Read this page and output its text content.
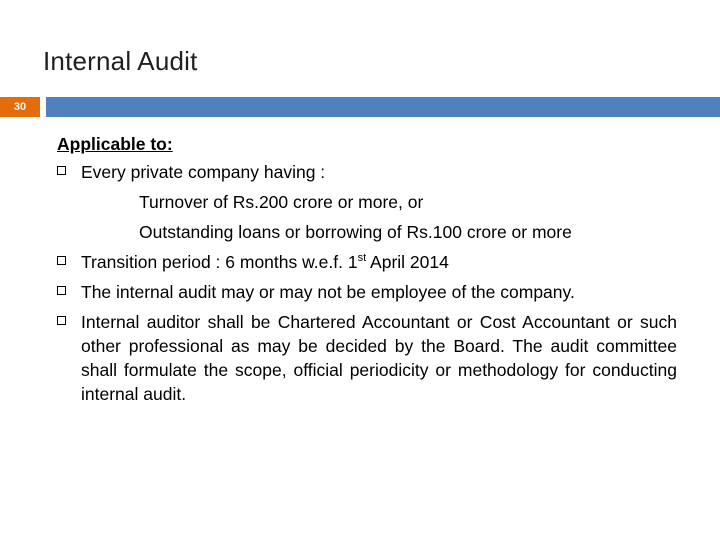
Internal Audit
30
Applicable to:
Every private company having :
Turnover of Rs.200 crore or more, or
Outstanding loans or borrowing of Rs.100 crore or more
Transition period : 6 months w.e.f. 1st April 2014
The internal audit may or may not be employee of the company.
Internal auditor shall be Chartered Accountant or Cost Accountant or such other professional as may be decided by the Board. The audit committee shall formulate the scope, official periodicity or methodology for conducting internal audit.
